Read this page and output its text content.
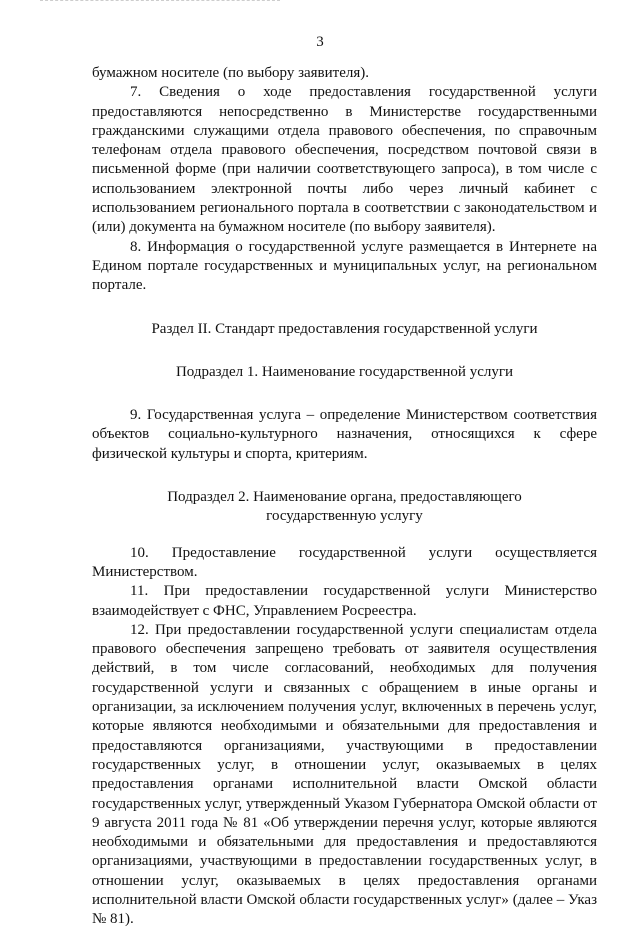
3

бумажном носителе (по выбору заявителя).

7. Сведения о ходе предоставления государственной услуги предоставляются непосредственно в Министерстве государственными гражданскими служащими отдела правового обеспечения, по справочным телефонам отдела правового обеспечения, посредством почтовой связи в письменной форме (при наличии соответствующего запроса), в том числе с использованием электронной почты либо через личный кабинет с использованием регионального портала в соответствии с законодательством и (или) документа на бумажном носителе (по выбору заявителя).

8. Информация о государственной услуге размещается в Интернете на Едином портале государственных и муниципальных услуг, на региональном портале.

Раздел II. Стандарт предоставления государственной услуги

Подраздел 1. Наименование государственной услуги

9. Государственная услуга – определение Министерством соответствия объектов социально-культурного назначения, относящихся к сфере физической культуры и спорта, критериям.

Подраздел 2. Наименование органа, предоставляющего

государственную услугу

10. Предоставление государственной услуги осуществляется Министерством.

11. При предоставлении государственной услуги Министерство взаимодействует с ФНС, Управлением Росреестра.

12. При предоставлении государственной услуги специалистам отдела правового обеспечения запрещено требовать от заявителя осуществления действий, в том числе согласований, необходимых для получения государственной услуги и связанных с обращением в иные органы и организации, за исключением получения услуг, включенных в перечень услуг, которые являются необходимыми и обязательными для предоставления и предоставляются организациями, участвующими в предоставлении государственных услуг, в отношении услуг, оказываемых в целях предоставления органами исполнительной власти Омской области государственных услуг, утвержденный Указом Губернатора Омской области от 9 августа 2011 года № 81 «Об утверждении перечня услуг, которые являются необходимыми и обязательными для предоставления и предоставляются организациями, участвующими в предоставлении государственных услуг, в отношении услуг, оказываемых в целях предоставления органами исполнительной власти Омской области государственных услуг» (далее – Указ № 81).
